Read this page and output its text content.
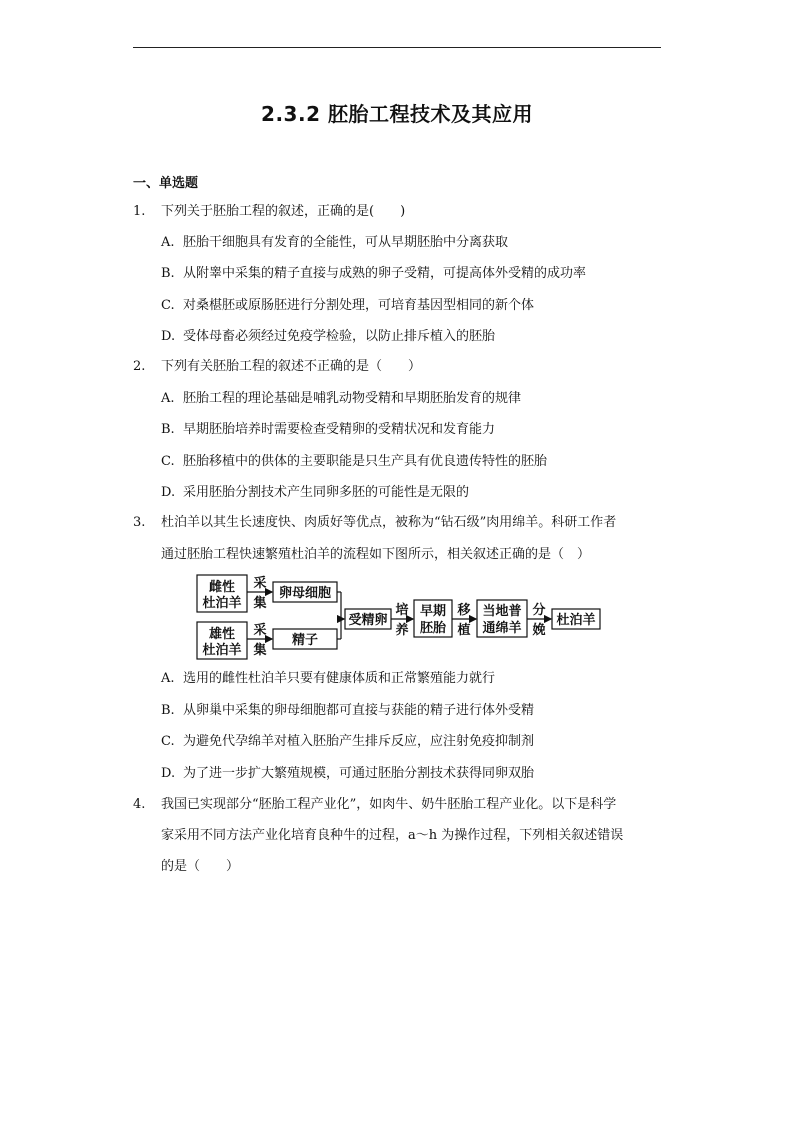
2.3.2 胚胎工程技术及其应用
一、单选题
1. 下列关于胚胎工程的叙述，正确的是(　　)
A. 胚胎干细胞具有发育的全能性，可从早期胚胎中分离获取
B. 从附睾中采集的精子直接与成熟的卵子受精，可提高体外受精的成功率
C. 对桑椹胚或原肠胚进行分割处理，可培育基因型相同的新个体
D. 受体母畜必须经过免疫学检验，以防止排斥植入的胚胎
2. 下列有关胚胎工程的叙述不正确的是（　　）
A. 胚胎工程的理论基础是哺乳动物受精和早期胚胎发育的规律
B. 早期胚胎培养时需要检查受精卵的受精状况和发育能力
C. 胚胎移植中的供体的主要职能是只生产具有优良遗传特性的胚胎
D. 采用胚胎分割技术产生同卵多胚的可能性是无限的
3. 杜泊羊以其生长速度快、肉质好等优点，被称为“钻石级”肉用绵羊。科研工作者
通过胚胎工程快速繁殖杜泊羊的流程如下图所示，相关叙述正确的是（　）
雌性
杜泊羊
雄性
杜泊羊
采
集
采
集
卵母细胞
精子
受精卵
培
养
早期
胚胎
移
植
当地普
通绵羊
分
娩
杜泊羊
A. 选用的雌性杜泊羊只要有健康体质和正常繁殖能力就行
B. 从卵巢中采集的卵母细胞都可直接与获能的精子进行体外受精
C. 为避免代孕绵羊对植入胚胎产生排斥反应，应注射免疫抑制剂
D. 为了进一步扩大繁殖规模，可通过胚胎分割技术获得同卵双胎
4. 我国已实现部分“胚胎工程产业化”，如肉牛、奶牛胚胎工程产业化。以下是科学
家采用不同方法产业化培育良种牛的过程，a～h 为操作过程，下列相关叙述错误
的是（　　）
